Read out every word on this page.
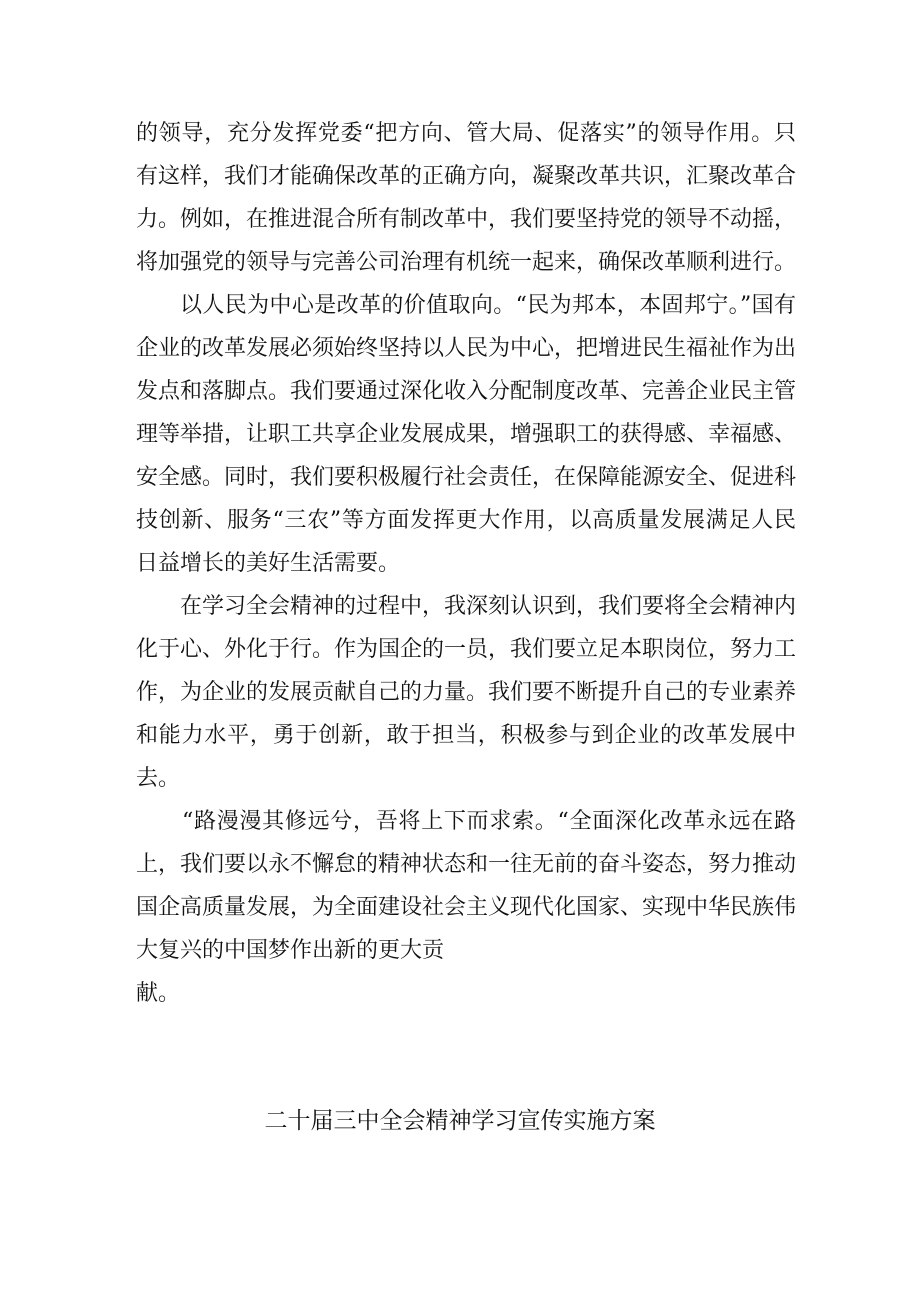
的领导，充分发挥党委“把方向、管大局、促落实”的领导作用。只有这样，我们才能确保改革的正确方向，凝聚改革共识，汇聚改革合力。例如，在推进混合所有制改革中，我们要坚持党的领导不动摇，将加强党的领导与完善公司治理有机统一起来，确保改革顺利进行。

以人民为中心是改革的价值取向。“民为邦本，本固邦宁。”国有企业的改革发展必须始终坚持以人民为中心，把增进民生福祉作为出发点和落脚点。我们要通过深化收入分配制度改革、完善企业民主管理等举措，让职工共享企业发展成果，增强职工的获得感、幸福感、安全感。同时，我们要积极履行社会责任，在保障能源安全、促进科技创新、服务“三农”等方面发挥更大作用，以高质量发展满足人民日益增长的美好生活需要。

在学习全会精神的过程中，我深刻认识到，我们要将全会精神内化于心、外化于行。作为国企的一员，我们要立足本职岗位，努力工作，为企业的发展贡献自己的力量。我们要不断提升自己的专业素养和能力水平，勇于创新，敢于担当，积极参与到企业的改革发展中去。

“路漫漫其修远兮，吾将上下而求索。“全面深化改革永远在路上，我们要以永不懈怠的精神状态和一往无前的奋斗姿态，努力推动国企高质量发展，为全面建设社会主义现代化国家、实现中华民族伟大复兴的中国梦作出新的更大贡

献。

二十届三中全会精神学习宣传实施方案
